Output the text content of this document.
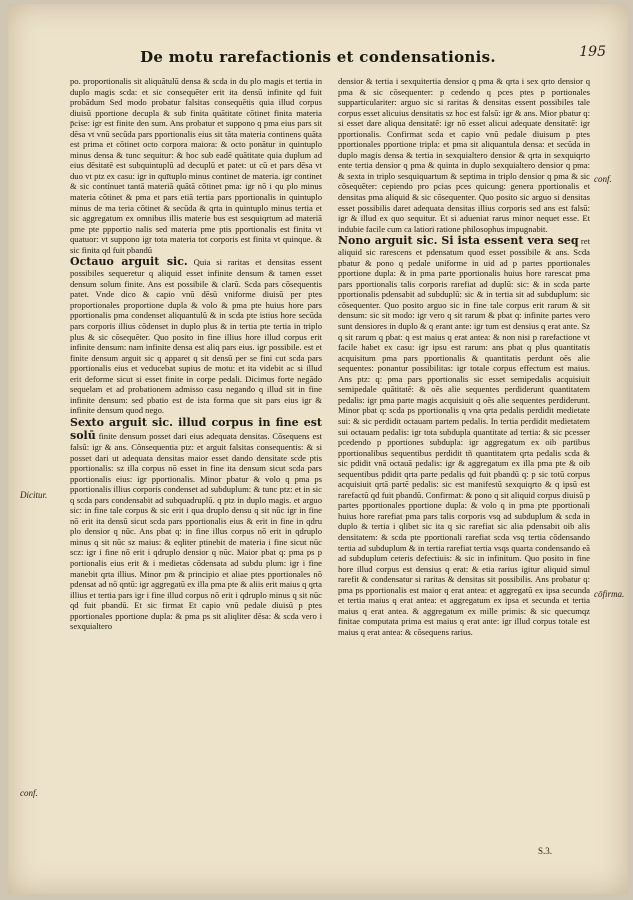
De motu rarefactionis et condensationis.	195

po. proportionalis sit aliquātulū densa & scda in du plo magis et tertia in duplo magis scda: et sic consequēter erit ita densū infinite qd fuit probādum Sed modo probatur falsitas consequētis quia illud corpus diuisū pportione decupla & sub finita quātitate cōtinet finita materia p̄cise: igr est finite den sum. Ans probatur et suppono q pma eius pars sit dēsa vt vnū secūda pars pportionalis eius sit tāta materia continens quāta est prima et cōtinet octo corpora maiora: & octo ponātur in quintuplo minus densa & tunc sequitur: & hoc sub eadē quātitate quia duplum ad eius dēsitatē est subquintuplū ad decuplū et patet: ut cū et pars dēsa vt duo vt ptz ex casu: igr in quītuplo minus continet de materia. igr continet & sic contínuet tantā materiā quātā cōtinet pma: igr nō i qu plo minus materia cōtinet & pma et pars etiā tertia pars pportionalis in quintuplo minus de ma teria cōtinet & secūda & qrta in quintuplo minus tertia et sic aggregatum ex omnibus illis materie bus est sesquiqrtum ad materiā pme pte ppportio nalis sed materia pme ptis pportionalis est finita vt quatuor: vt suppono igr tota materia tot corporis est finita vt quinque. & sic finita qd fuit pbandū

Octauo arguit sic. Quia si raritas et densitas essent possibiles sequeretur q aliquid esset infinite densum & tamen esset densum solum finite. Ans est possibile & clarū. Scda pars cōsequentis patet. Vnde dico & capio vnū dēsū vniforme diuisū per ptes proportionales proportione dupla & volo & pma pte huius hore pars pportionalis pma condenset aliquantulū & in scda pte istius hore secūda pars corporis illius cōdenset in duplo plus & in tertia pte tertia in triplo plus & sic cōsequēter. Quo posito in fine illius hore illud corpus erit infinite densum: nam infinite densa est aliq pars eius. igr possibile. est et finite densum arguit sic q apparet q sit densū per se fini cut scda pars pportionalis eius et veducebat supius de motu: et ita videbit ac si illud erit deforme sicut si esset finite in corpe pedali. Dicimus forte negādo sequelam et ad probationem admisso casu negando q illud sit in fine infinite densum: sed pbatio est de ista forma que sit pars eius igr & infinite densum quod nego.

Sexto arguit sic. illud corpus in fine est solū finite densum posset dari eius adequata densitas. Cōsequens est falsū: igr & ans. Cōnsequentia ptz: et arguit falsitas consequentis: & si posset dari ut adequata densitas maior esset dando densitate scde ptis pportionalis: sz illa corpus nō esset in fine ita densum sicut scda pars pportionalis eius: igr pportionalis. Minor pbatur & volo q pma ps pportionalis illius corporis condenset ad subduplum: & tunc ptz: et in sic q scda pars condensabit ad subquadruplū. q ptz in duplo magis. et arguo sic: in fine tale corpus & sic erit i qua druplo densu q sit nūc igr in fine nō erit ita densū sicut scda pars pportionalis eius & erit in fine in qdru plo densior q nūc. Ans pbat q: in fine illus corpus nō erit in qdruplo minus q sit nūc sz maius: & eqliter ptinebit de materia i fine sicut nūc scz: igr i fine nō erit i qdruplo densior q nūc. Maior pbat q: pma ps p portionalis eius erit & i medietas cōdensata ad subdu plum: igr i fine manebit qrta illius. Minor pm & principio et aliae ptes pportionales nō pdensat ad nō qntū: igr aggregatū ex illa pma pte & aliis erit maius q qrta illius et tertia pars igr i fine illud corpus nō erit i qdruplo minus q sit nūc qd fuit pbandū. Et sic firmat Et capio vnū pedale diuisū p ptes pportionales pportione dupla: & pma ps sit aliqliter dēsa: & scda vero i sexquialtero

densior & tertia i sexquitertia densior q pma & qrta i sex qrto densior q pma & sic cōsequenter: p cedendo q pces ptes p portionales supparticulariter: arguo sic si raritas & densitas essent possibiles tale corpus esset alicuius densitatis sz hoc est falsū: igr & ans. Mior pbatur q: si esset dare aliqua densitatē: igr nō esset alicui adequate densitatē: igr pportionalis. Confirmat scda et capio vnū pedale diuisum p ptes pportionales pportione tripla: et pma sit aliquantula densa: et secūda in duplo magis densa & tertia in sexquialtero densior & qrta in sexquiqrto ente tertia densior q pma & quinta in duplo sexquialtero densior q pma: & sexta in triplo sesquiquartum & septima in triplo densior q pma & sic cōsequēter: cepiendo pro pcias pces quicung: genera pportionalis et densitas pma aliquid & sic cōsequenter. Quo posito sic arguo si densitas esset possibilis daret adequata densitas illius corporis sed ans est falsū: igr & illud ex quo sequitur. Et si adueniat rarus minor nequet esse. Et indubie facile cum ca latiori ratione philosophus impugnabit.

Nono arguit sic. Si ista essent vera seq ret aliquid sic rarescens et pdensatum quod esset possibile & ans. Scda pbatur & pono q pedale uniforme in uid ad p partes pportionales pportione dupla: & in pma parte pportionalis huius hore rarescat pma pars pportionalis talis corporis rarefiat ad duplū: sic: & in scda parte pportionalis pdensabit ad subduplū: sic & in tertia sit ad subduplum: sic cōsequenter. Quo posito arguo sic in fine tale corpus erit rarum & sit densum: sic sit modo: igr vero q sit rarum & pbat q: infinite partes vero sunt densiores in duplo & q erant ante: igr tum est densius q erat ante. Sz q sit rarum q pbat: q est maius q erat antea: & non nisi p rarefactione vt facile habet ex casu: igr ipsu est rarum: ans pbat q plus quantitatis acquisitum pma pars pportionalis & quantitatis perdunt oēs alie sequentes: ponantur possibilitas: igr totale corpus effectum est maius. Ans ptz: q: pma pars pportionalis sic esset semipedalis acquisiuit semipedale quātitatē: & oēs alie sequentes perdiderunt quantitatem pedalis: igr pma parte magis acquisiuit q oēs alie sequentes perdiderunt. Minor pbat q: scda ps pportionalis q vna qrta pedalis perdidit medietate sui: & sic perdidit octauam partem pedalis. In tertia perdidit medietatem sui octauam pedalis: igr tota subdupla quantitate ad tertia: & sic pcesser pcedendo p pportiones subdupla: igr aggregatum ex oib partibus pportionalibus sequentibus perdidit tñ quantitatem qrta pedalis scda & sic pdidit vnā octauā pedalis: igr & aggregatum ex illa pma pte & oib sequentibus pdidit qrta parte pedalis qd fuit pbandū q: p sic totū corpus acquisiuit qrtā partē pedalis: sic est manifestū sexquiqrto & q ipsū est rarefactū qd fuit pbandū. Confirmat: & pono q sit aliquid corpus diuisū p partes pportionales pportione dupla: & volo q in pma pte pportionali huius hore rarefiat pma pars talis corporis vsq ad subduplum & scda in duplo & tertia i qlibet sic ita q sic rarefiat sic alia pdensabit oib alis densitatem: & scda pte pportionali rarefiat scda vsq tertia cōdensando tertia ad subduplum & in tertia rarefiat tertia vsqs quarta condensando eā ad subduplum ceteris defectiuis: & sic in infinitum. Quo posito in fine hore illud corpus est densius q erat: & etia rarius igitur aliquid simul rarefit & condensatur si raritas & densitas sit possibilis. Ans probatur q: pma ps pportionalis est maior q erat antea: et aggregatū ex ipsa secunda et tertia maius q erat antea: et aggregatum ex ipsa et secunda et tertia maius q erat antea. & aggregatum ex mille primis: & sic quecumqz finitae computata prima est maius q erat ante: igr illud corpus totale est maius q erat antea: & cōsequens rarius.

conf.
Dicitur.
cōfirma.
conf.
S.3.
